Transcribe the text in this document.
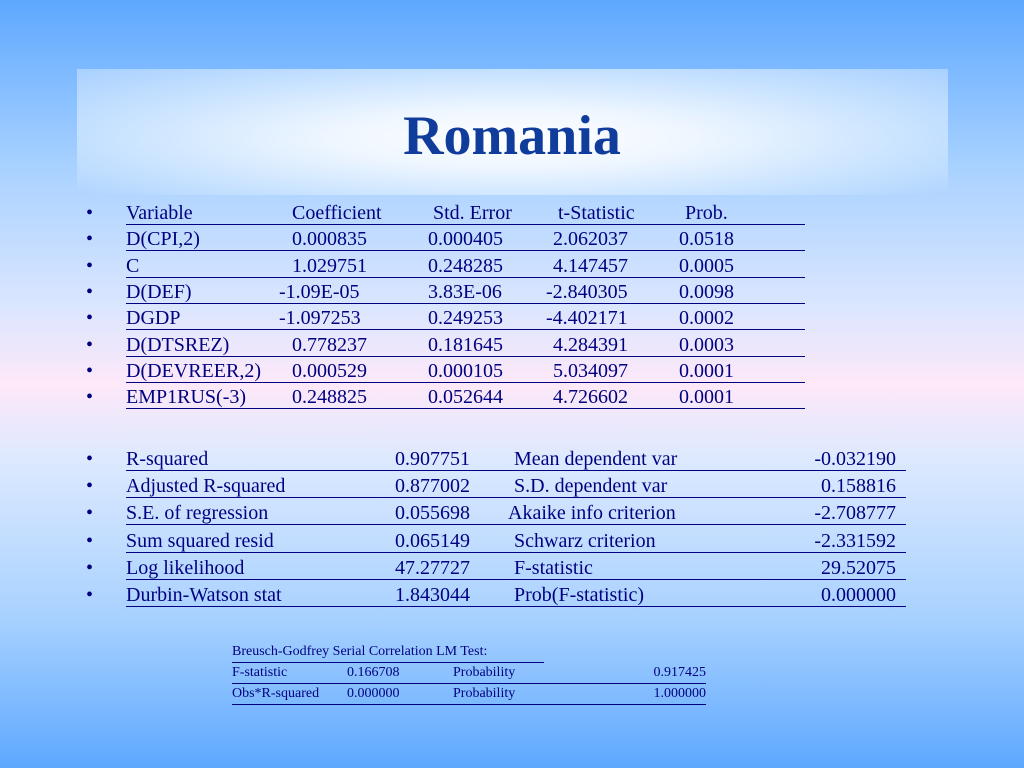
Romania
• Variable	Coefficient	Std. Error t-Statistic	Prob.
• D(CPI,2)	0.000835	0.000405	2.062037	0.0518
• C	1.029751	0.248285	4.147457	0.0005
• D(DEF)	-1.09E-05	3.83E-06 -2.840305	0.0098
• DGDP	-1.097253	0.249253 -4.402171	0.0002
• D(DTSREZ)	0.778237	0.181645	4.284391	0.0003
• D(DEVREER,2) 0.000529	0.000105	5.034097	0.0001
• EMP1RUS(-3) 0.248825	0.052644	4.726602	0.0001
• R-squared	0.907751 Mean dependent var	-0.032190
• Adjusted R-squared	0.877002 S.D. dependent var	0.158816
• S.E. of regression	0.055698 Akaike info criterion	-2.708777
• Sum squared resid	0.065149 Schwarz criterion	-2.331592
• Log likelihood	47.27727 F-statistic	29.52075
• Durbin-Watson stat	1.843044 Prob(F-statistic)	0.000000
Breusch-Godfrey Serial Correlation LM Test:
F-statistic	0.166708	Probability	0.917425
Obs*R-squared 0.000000	Probability	1.000000
